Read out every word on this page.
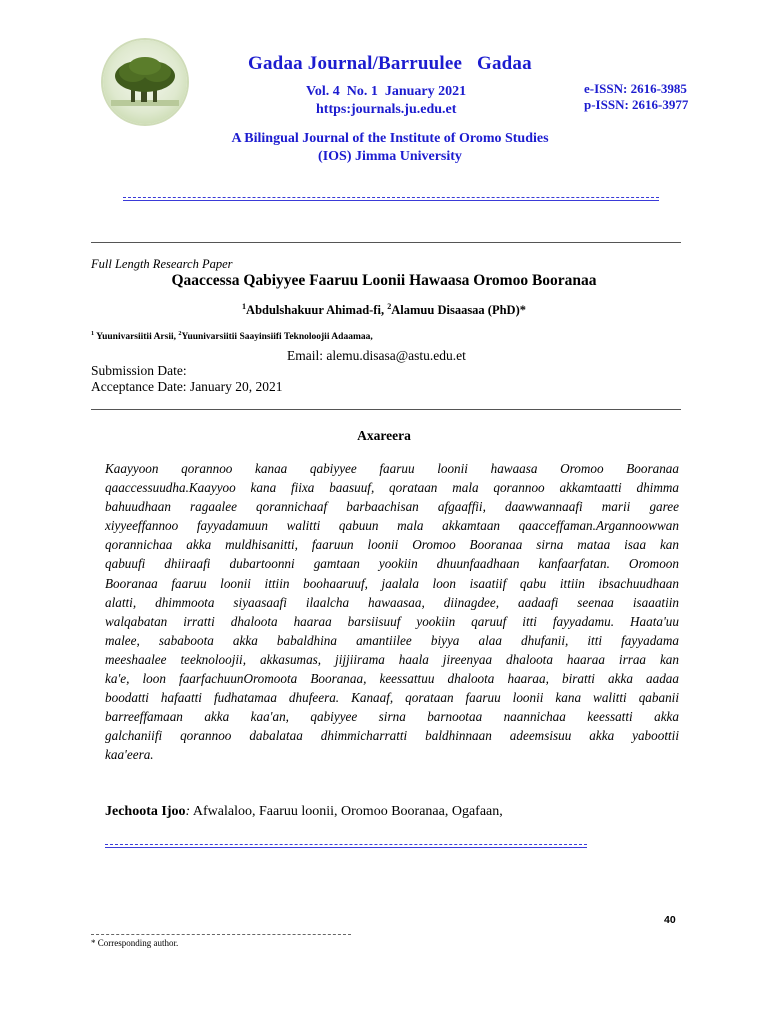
Gadaa Journal/Barruulee   Gadaa
Vol. 4  No. 1  January 2021
https:journals.ju.edu.et
e-ISSN: 2616-3985
p-ISSN: 2616-3977
A Bilingual Journal of the Institute of Oromo Studies
(IOS) Jimma University
Full Length Research Paper
Qaaccessa Qabiyyee Faaruu Loonii Hawaasa Oromoo Booranaa
$^1$Abdulshakuur Ahimad-fi, $^2$Alamuu Disaasaa (PhD)*
$^1$ Yuunivarsiitii Arsii, $^2$Yuunivarsiitii Saayinsiifi Teknoloojii Adaamaa,
Email: alemu.disasa@astu.edu.et
Submission Date:
Acceptance Date: January 20, 2021
Axareera
Kaayyoon qorannoo kanaa qabiyyee faaruu loonii hawaasa Oromoo Booranaa
qaaccessuudha.Kaayyoo kana fiixa baasuuf, qorataan mala qorannoo akkamtaatti dhimma
bahuudhaan ragaalee qorannichaaf barbaachisan afgaaffii, daawwannaafi marii garee
xiyyeeffannoo fayyadamuun walitti qabuun mala akkamtaan qaacceffaman.Argannoowwan
qorannichaa akka muldhisanitti, faaruun loonii Oromoo Booranaa sirna mataa isaa kan
qabuufi dhiiraafi dubartoonni gamtaan yookiin dhuunfaadhaan kanfaarfatan. Oromoon
Booranaa faaruu loonii ittiin boohaaruuf, jaalala loon isaatiif qabu ittiin ibsachuudhaan
alatti, dhimmoota siyaasaafi ilaalcha hawaasaa, diinagdee, aadaafi seenaa isaaatiin
walqabatan irratti dhaloota haaraa barsiisuuf yookiin qaruuf itti fayyadamu. Haata'uu
malee, sababoota akka babaldhina amantiilee biyya alaa dhufanii, itti fayyadama
meeshaalee teeknoloojii, akkasumas, jijjiirama haala jireenyaa dhaloota haaraa irraa kan
ka'e, loon faarfachuunOromoota Booranaa, keessattuu dhaloota haaraa, biratti akka aadaa
boodatti hafaatti fudhatamaa dhufeera. Kanaaf, qorataan faaruu loonii kana walitti qabanii
barreeffamaan akka kaa'an, qabiyyee sirna barnootaa naannichaa keessatti akka
galchaniifi qorannoo dabalataa dhimmicharratti baldhinnaan adeemsisuu akka yaboottii
kaa'eera.
Jechoota Ijoo: Afwalaloo, Faaruu loonii, Oromoo Booranaa, Ogafaan,
40
* Corresponding author.
